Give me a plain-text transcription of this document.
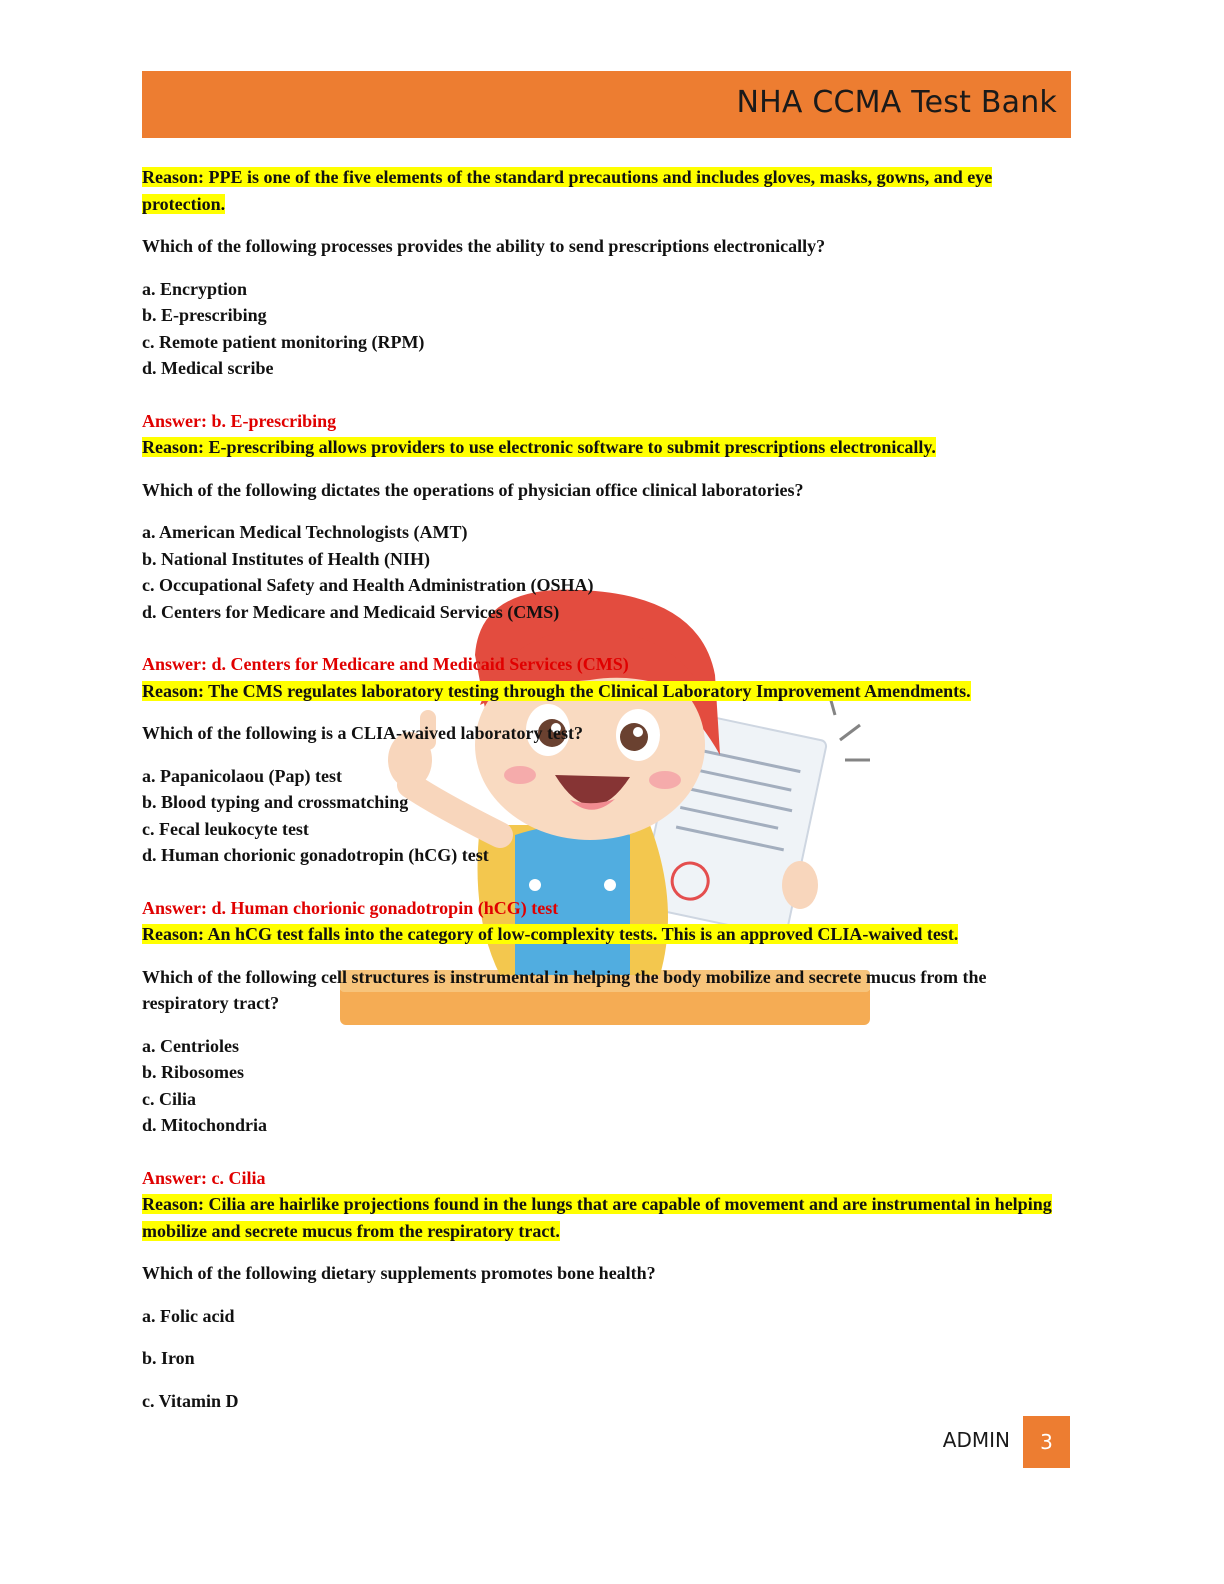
NHA CCMA Test Bank
Reason: PPE is one of the five elements of the standard precautions and includes gloves, masks, gowns, and eye protection.
Which of the following processes provides the ability to send prescriptions electronically?
a. Encryption
b. E-prescribing
c. Remote patient monitoring (RPM)
d. Medical scribe
Answer: b. E-prescribing
Reason: E-prescribing allows providers to use electronic software to submit prescriptions electronically.
Which of the following dictates the operations of physician office clinical laboratories?
a. American Medical Technologists (AMT)
b. National Institutes of Health (NIH)
c. Occupational Safety and Health Administration (OSHA)
d. Centers for Medicare and Medicaid Services (CMS)
Answer: d. Centers for Medicare and Medicaid Services (CMS)
Reason: The CMS regulates laboratory testing through the Clinical Laboratory Improvement Amendments.
Which of the following is a CLIA-waived laboratory test?
a. Papanicolaou (Pap) test
b. Blood typing and crossmatching
c. Fecal leukocyte test
d. Human chorionic gonadotropin (hCG) test
Answer: d. Human chorionic gonadotropin (hCG) test
Reason: An hCG test falls into the category of low-complexity tests. This is an approved CLIA-waived test.
Which of the following cell structures is instrumental in helping the body mobilize and secrete mucus from the respiratory tract?
a. Centrioles
b. Ribosomes
c. Cilia
d. Mitochondria
Answer: c. Cilia
Reason: Cilia are hairlike projections found in the lungs that are capable of movement and are instrumental in helping mobilize and secrete mucus from the respiratory tract.
Which of the following dietary supplements promotes bone health?
a. Folic acid
b. Iron
c. Vitamin D
ADMIN	3
